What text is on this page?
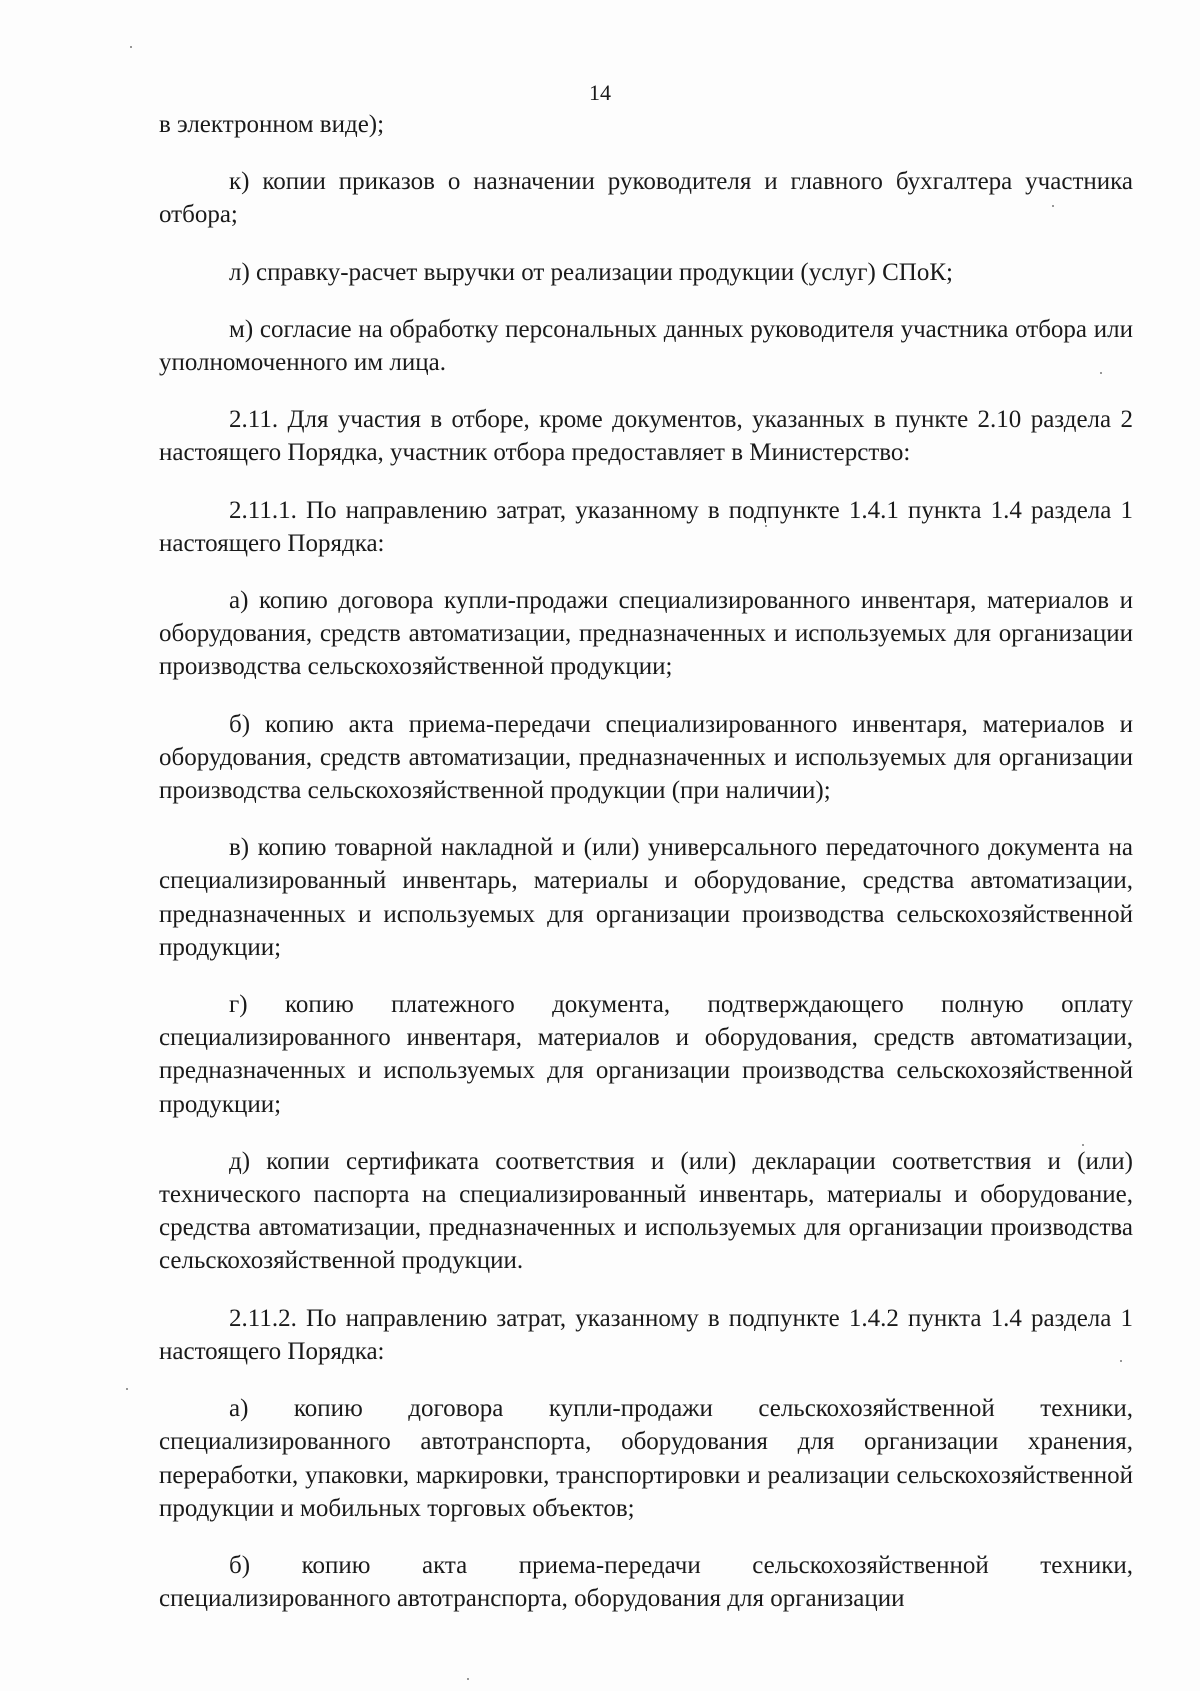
14

в электронном виде);

к) копии приказов о назначении руководителя и главного бухгалтера участника отбора;

л) справку-расчет выручки от реализации продукции (услуг) СПоК;

м) согласие на обработку персональных данных руководителя участника отбора или уполномоченного им лица.

2.11. Для участия в отборе, кроме документов, указанных в пункте 2.10 раздела 2 настоящего Порядка, участник отбора предоставляет в Министерство:

2.11.1. По направлению затрат, указанному в подпункте 1.4.1 пункта 1.4 раздела 1 настоящего Порядка:

а) копию договора купли-продажи специализированного инвентаря, материалов и оборудования, средств автоматизации, предназначенных и используемых для организации производства сельскохозяйственной продукции;

б) копию акта приема-передачи специализированного инвентаря, материалов и оборудования, средств автоматизации, предназначенных и используемых для организации производства сельскохозяйственной продукции (при наличии);

в) копию товарной накладной и (или) универсального передаточного документа на специализированный инвентарь, материалы и оборудование, средства автоматизации, предназначенных и используемых для организации производства сельскохозяйственной продукции;

г) копию платежного документа, подтверждающего полную оплату специализированного инвентаря, материалов и оборудования, средств автоматизации, предназначенных и используемых для организации производства сельскохозяйственной продукции;

д) копии сертификата соответствия и (или) декларации соответствия и (или) технического паспорта на специализированный инвентарь, материалы и оборудование, средства автоматизации, предназначенных и используемых для организации производства сельскохозяйственной продукции.

2.11.2. По направлению затрат, указанному в подпункте 1.4.2 пункта 1.4 раздела 1 настоящего Порядка:

а) копию договора купли-продажи сельскохозяйственной техники, специализированного автотранспорта, оборудования для организации хранения, переработки, упаковки, маркировки, транспортировки и реализации сельскохозяйственной продукции и мобильных торговых объектов;

б) копию акта приема-передачи сельскохозяйственной техники, специализированного автотранспорта, оборудования для организации
